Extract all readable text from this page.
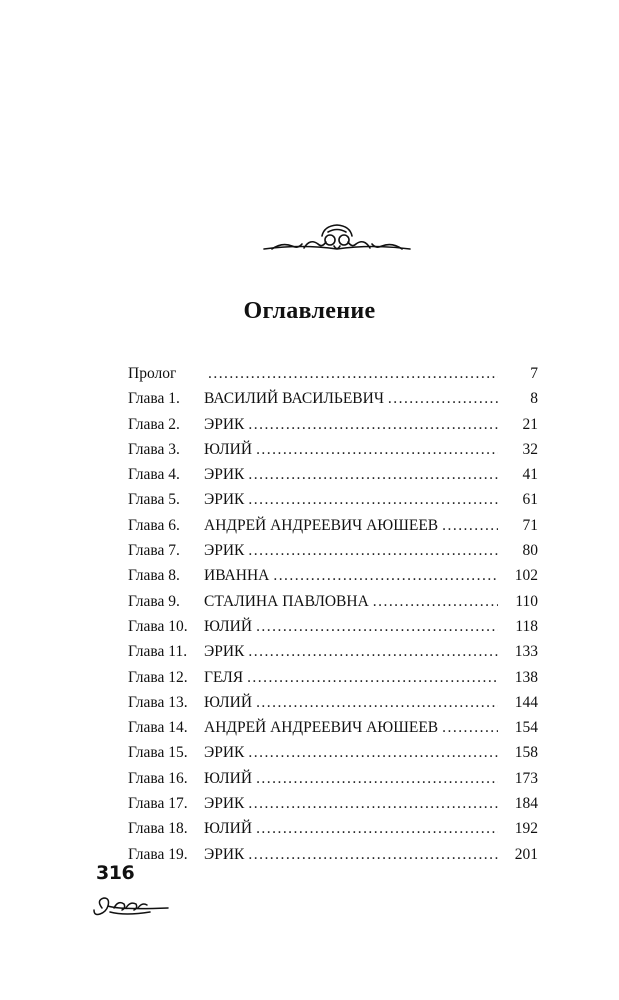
Оглавление
Пролог . . .	7
Глава 1.	ВАСИЛИЙ ВАСИЛЬЕВИЧ . . .	8
Глава 2.	ЭРИК . . .	21
Глава 3.	ЮЛИЙ . . .	32
Глава 4.	ЭРИК . . .	41
Глава 5.	ЭРИК . . .	61
Глава 6.	АНДРЕЙ АНДРЕЕВИЧ АЮШЕЕВ . . .	71
Глава 7.	ЭРИК . . .	80
Глава 8.	ИВАННА . . .	102
Глава 9.	СТАЛИНА ПАВЛОВНА . . .	110
Глава 10.	ЮЛИЙ . . .	118
Глава 11.	ЭРИК . . .	133
Глава 12.	ГЕЛЯ . . .	138
Глава 13.	ЮЛИЙ . . .	144
Глава 14.	АНДРЕЙ АНДРЕЕВИЧ АЮШЕЕВ . . .	154
Глава 15.	ЭРИК . . .	158
Глава 16.	ЮЛИЙ . . .	173
Глава 17.	ЭРИК . . .	184
Глава 18.	ЮЛИЙ . . .	192
Глава 19.	ЭРИК . . .	201
316
